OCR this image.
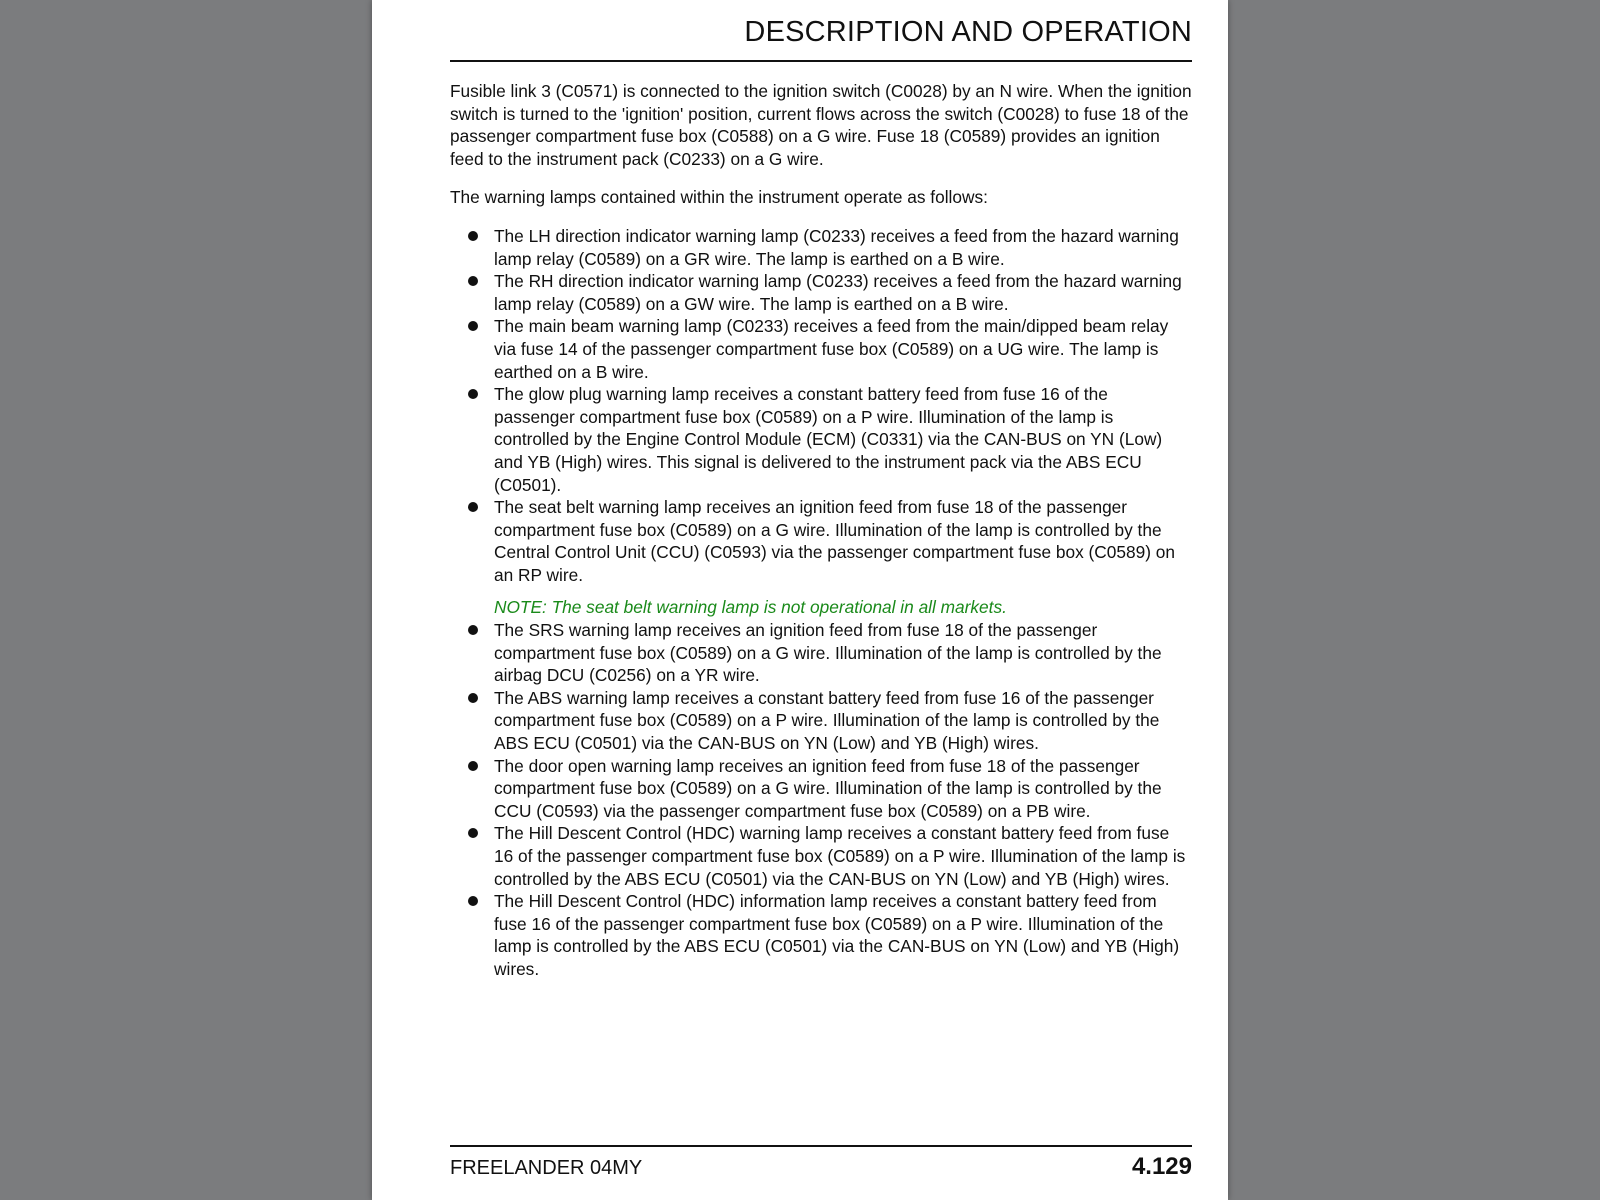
DESCRIPTION AND OPERATION

Fusible link 3 (C0571) is connected to the ignition switch (C0028) by an N wire. When the ignition switch is turned to the 'ignition' position, current flows across the switch (C0028) to fuse 18 of the passenger compartment fuse box (C0588) on a G wire. Fuse 18 (C0589) provides an ignition feed to the instrument pack (C0233) on a G wire.

The warning lamps contained within the instrument operate as follows:

The LH direction indicator warning lamp (C0233) receives a feed from the hazard warning lamp relay (C0589) on a GR wire. The lamp is earthed on a B wire.
The RH direction indicator warning lamp (C0233) receives a feed from the hazard warning lamp relay (C0589) on a GW wire. The lamp is earthed on a B wire.
The main beam warning lamp (C0233) receives a feed from the main/dipped beam relay via fuse 14 of the passenger compartment fuse box (C0589) on a UG wire. The lamp is earthed on a B wire.
The glow plug warning lamp receives a constant battery feed from fuse 16 of the passenger compartment fuse box (C0589) on a P wire. Illumination of the lamp is controlled by the Engine Control Module (ECM) (C0331) via the CAN-BUS on YN (Low) and YB (High) wires. This signal is delivered to the instrument pack via the ABS ECU (C0501).
The seat belt warning lamp receives an ignition feed from fuse 18 of the passenger compartment fuse box (C0589) on a G wire. Illumination of the lamp is controlled by the Central Control Unit (CCU) (C0593) via the passenger compartment fuse box (C0589) on an RP wire.
NOTE: The seat belt warning lamp is not operational in all markets.
The SRS warning lamp receives an ignition feed from fuse 18 of the passenger compartment fuse box (C0589) on a G wire. Illumination of the lamp is controlled by the airbag DCU (C0256) on a YR wire.
The ABS warning lamp receives a constant battery feed from fuse 16 of the passenger compartment fuse box (C0589) on a P wire. Illumination of the lamp is controlled by the ABS ECU (C0501) via the CAN-BUS on YN (Low) and YB (High) wires.
The door open warning lamp receives an ignition feed from fuse 18 of the passenger compartment fuse box (C0589) on a G wire. Illumination of the lamp is controlled by the CCU (C0593) via the passenger compartment fuse box (C0589) on a PB wire.
The Hill Descent Control (HDC) warning lamp receives a constant battery feed from fuse 16 of the passenger compartment fuse box (C0589) on a P wire. Illumination of the lamp is controlled by the ABS ECU (C0501) via the CAN-BUS on YN (Low) and YB (High) wires.
The Hill Descent Control (HDC) information lamp receives a constant battery feed from fuse 16 of the passenger compartment fuse box (C0589) on a P wire. Illumination of the lamp is controlled by the ABS ECU (C0501) via the CAN-BUS on YN (Low) and YB (High) wires.
FREELANDER 04MY	4.129
